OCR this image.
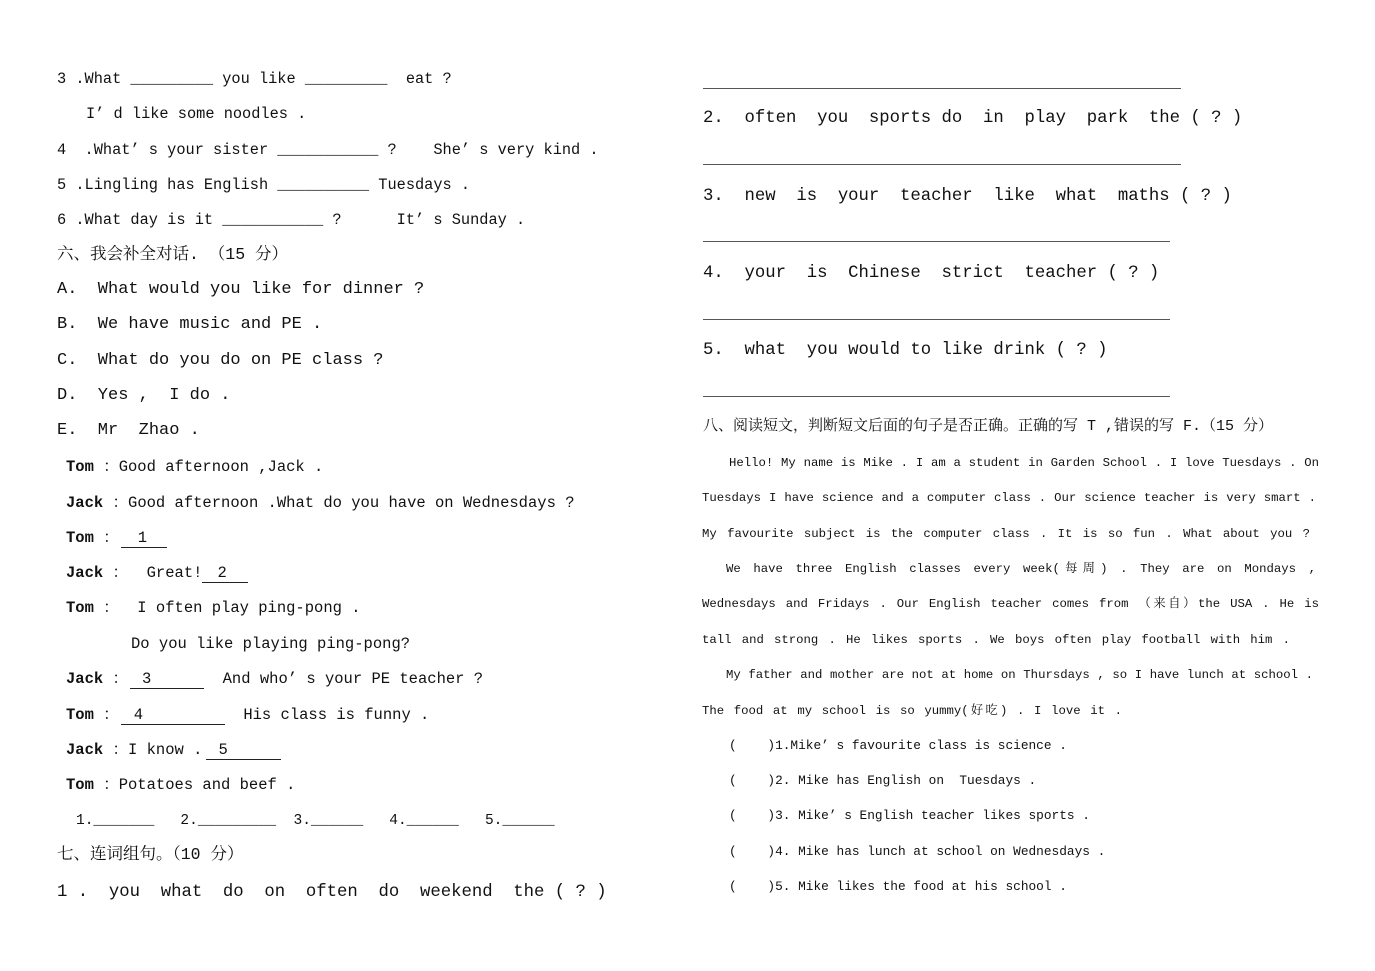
3 .What _________ you like _________  eat ?
I’ d like some noodles .
4  .What’ s your sister ___________ ?    She’ s very kind .
5 .Lingling has English __________ Tuesdays .
6 .What day is it ___________ ?      It’ s Sunday .
六、我会补全对话. （15 分）
A.  What would you like for dinner ?
B.  We have music and PE .
C.  What do you do on PE class ?
D.  Yes ,  I do .
E.  Mr  Zhao .
Tom ：Good afternoon ,Jack .
Jack ：Good afternoon .What do you have on Wednesdays ?
Tom ： 1
Jack ：  Great! 2
Tom ：  I often play ping-pong .
Do you like playing ping-pong?
Jack ： 3	And who’ s your PE teacher ?
Tom ： 4	His class is funny .
Jack ：I know . 5
Tom ：Potatoes and beef .
1._______   2._________  3.______   4.______   5.______
七、连词组句。（10 分）
1 .  you  what  do  on  often  do  weekend  the ( ? )
2.  often  you  sports do  in  play  park  the ( ? )
3.  new  is  your  teacher  like  what  maths ( ? )
4.  your  is  Chinese  strict  teacher ( ? )
5.  what  you would to like drink ( ? )
八、阅读短文，判断短文后面的句子是否正确。正确的写 T ,错误的写 F.（15 分）
Hello! My name is Mike . I am a student in Garden School . I love Tuesdays . On
Tuesdays I have science and a computer class . Our science teacher is very smart .
My favourite subject is the computer class . It is so fun . What about you ?
We have three English classes every week(每周) . They are on Mondays ,
Wednesdays and Fridays . Our English teacher comes from （来自）the USA . He is
tall and strong . He likes sports . We boys often play football with him .
My father and mother are not at home on Thursdays , so I have lunch at school .
The food at my school is so yummy(好吃) . I love it .
(    )1.Mike’ s favourite class is science .
(    )2. Mike has English on  Tuesdays .
(    )3. Mike’ s English teacher likes sports .
(    )4. Mike has lunch at school on Wednesdays .
(    )5. Mike likes the food at his school .
